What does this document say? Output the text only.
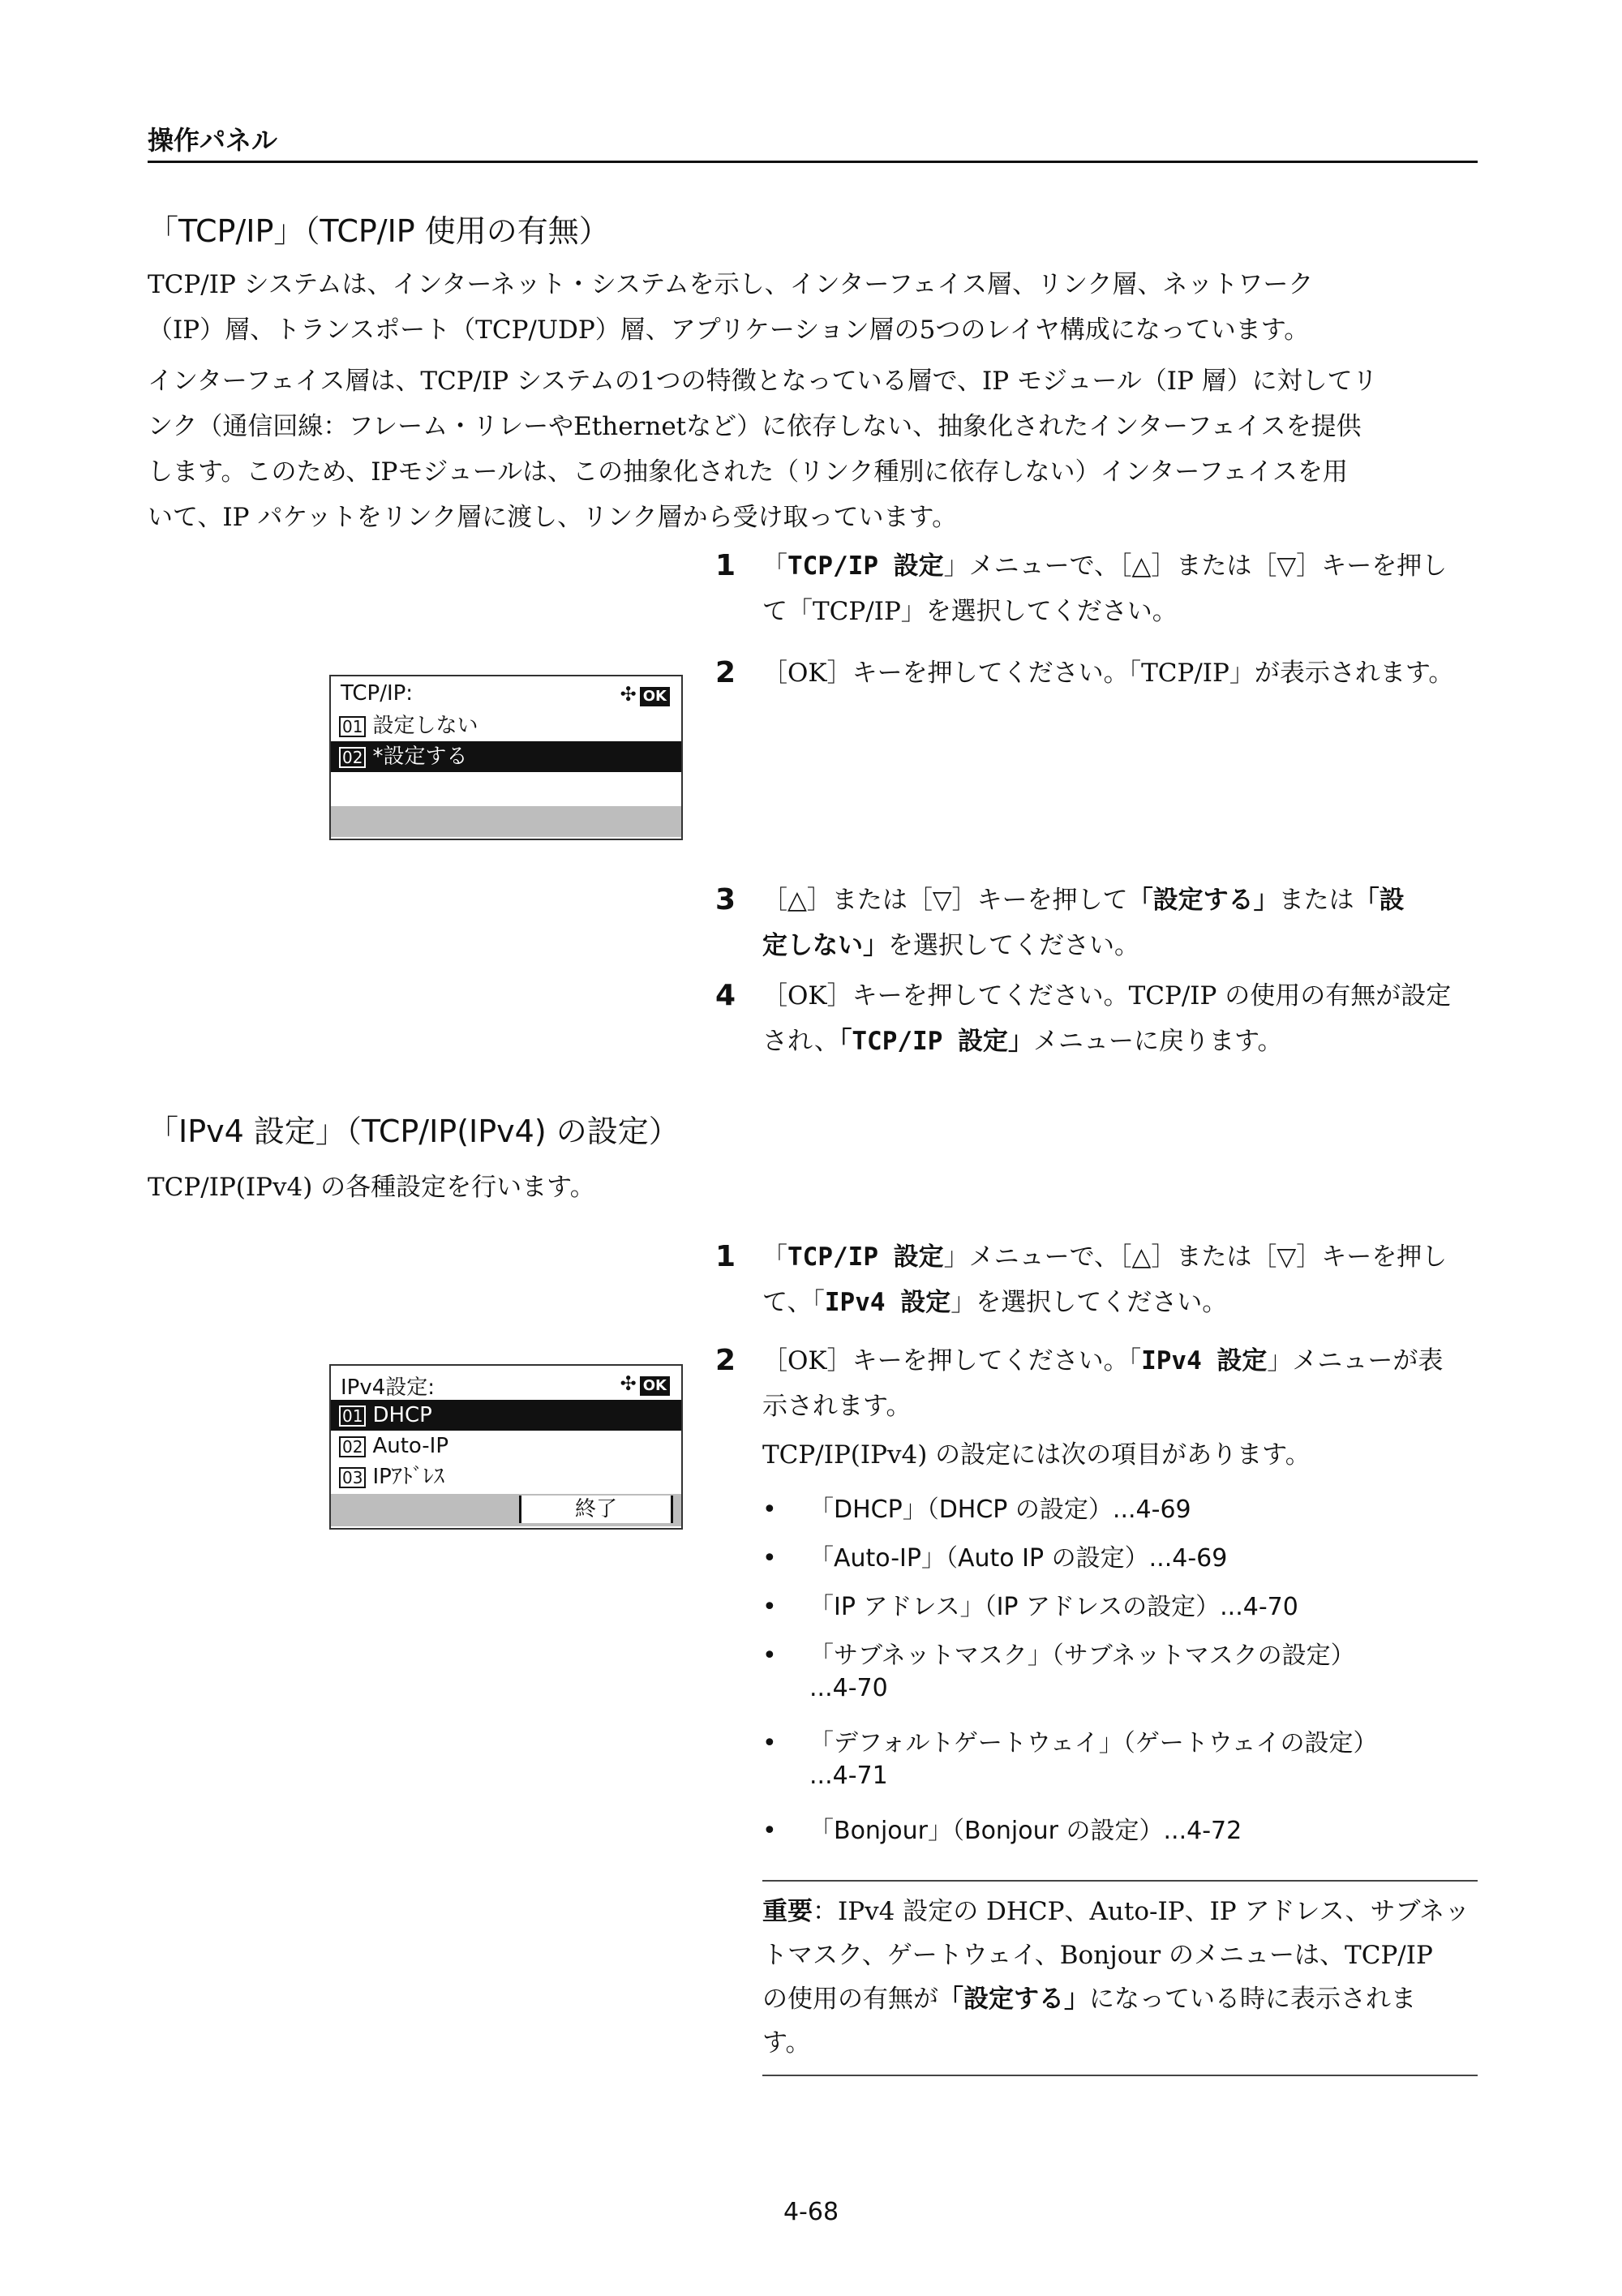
操作パネル
「TCP/IP」（TCP/IP 使用の有無）

TCP/IP システムは、インターネット・システムを示し、インターフェイス層、リンク層、ネットワーク

（IP）層、トランスポート（TCP/UDP）層、アプリケーション層の5つのレイヤ構成になっています。

インターフェイス層は、TCP/IP システムの1つの特徴となっている層で、IP モジュール（IP 層）に対してリ

ンク（通信回線：フレーム・リレーやEthernetなど）に依存しない、抽象化されたインターフェイスを提供

します。このため、IPモジュールは、この抽象化された（リンク種別に依存しない）インターフェイスを用

いて、IP パケットをリンク層に渡し、リンク層から受け取っています。

1 「TCP/IP 設定」メニューで、［△］または［▽］キーを押し
て「TCP/IP」を選択してください。
2 ［OK］キーを押してください。「TCP/IP」が表示されます。
TCP/IP:	✣ OK
01 設定しない
02 *設定する
3 ［△］または［▽］キーを押して「設定する」または「設
定しない」を選択してください。
4 ［OK］キーを押してください。TCP/IP の使用の有無が設定
され、「TCP/IP 設定」メニューに戻ります。
「IPv4 設定」（TCP/IP(IPv4) の設定）
TCP/IP(IPv4) の各種設定を行います。
1 「TCP/IP 設定」メニューで、［△］または［▽］キーを押し
て、「IPv4 設定」を選択してください。
2 ［OK］キーを押してください。「IPv4 設定」メニューが表
示されます。
TCP/IP(IPv4) の設定には次の項目があります。
IPv4設定:	✣ OK
01 DHCP
02 Auto-IP
03 IPｱﾄﾞﾚｽ
終了	• 「DHCP」（DHCP の設定）...4-69
• 「Auto-IP」（Auto IP の設定）...4-69
• 「IP アドレス」（IP アドレスの設定）...4-70
• 「サブネットマスク」（サブネットマスクの設定）
...4-70
• 「デフォルトゲートウェイ」（ゲートウェイの設定）
...4-71
• 「Bonjour」（Bonjour の設定）...4-72
重要：IPv4 設定の DHCP、Auto-IP、IP アドレス、サブネッ
トマスク、ゲートウェイ、Bonjour のメニューは、TCP/IP
の使用の有無が「設定する」になっている時に表示されま
す。
4-68
